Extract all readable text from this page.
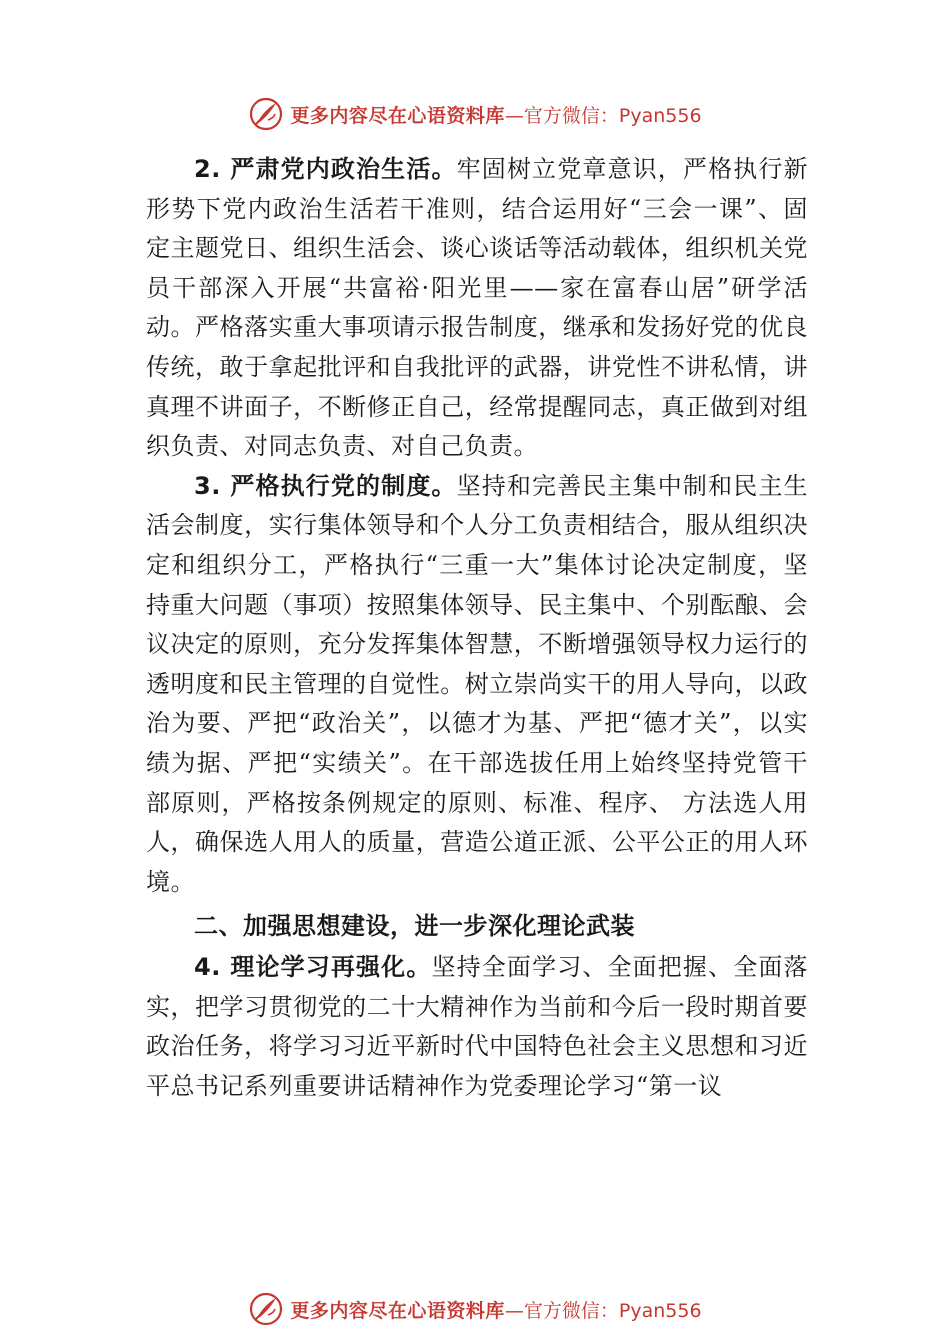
更多内容尽在心语资料库 —官方微信：Pyan556

2. 严肃党内政治生活。牢固树立党章意识，严格执行新形势下党内政治生活若干准则，结合运用好“三会一课”、固定主题党日、组织生活会、谈心谈话等活动载体，组织机关党员干部深入开展“共富裕·阳光里——家在富春山居”研学活动。严格落实重大事项请示报告制度，继承和发扬好党的优良传统，敢于拿起批评和自我批评的武器，讲党性不讲私情，讲真理不讲面子，不断修正自己，经常提醒同志，真正做到对组织负责、对同志负责、对自己负责。

3. 严格执行党的制度。坚持和完善民主集中制和民主生活会制度，实行集体领导和个人分工负责相结合，服从组织决定和组织分工，严格执行“三重一大”集体讨论决定制度，坚持重大问题（事项）按照集体领导、民主集中、个别酝酿、会议决定的原则，充分发挥集体智慧，不断增强领导权力运行的透明度和民主管理的自觉性。树立崇尚实干的用人导向，以政治为要、严把“政治关”，以德才为基、严把“德才关”，以实绩为据、严把“实绩关”。在干部选拔任用上始终坚持党管干部原则，严格按条例规定的原则、标准、程序、 方法选人用人，确保选人用人的质量，营造公道正派、公平公正的用人环境。

二、加强思想建设，进一步深化理论武装

4. 理论学习再强化。坚持全面学习、全面把握、全面落实，把学习贯彻党的二十大精神作为当前和今后一段时期首要政治任务，将学习习近平新时代中国特色社会主义思想和习近平总书记系列重要讲话精神作为党委理论学习“第一议

更多内容尽在心语资料库 —官方微信：Pyan556
